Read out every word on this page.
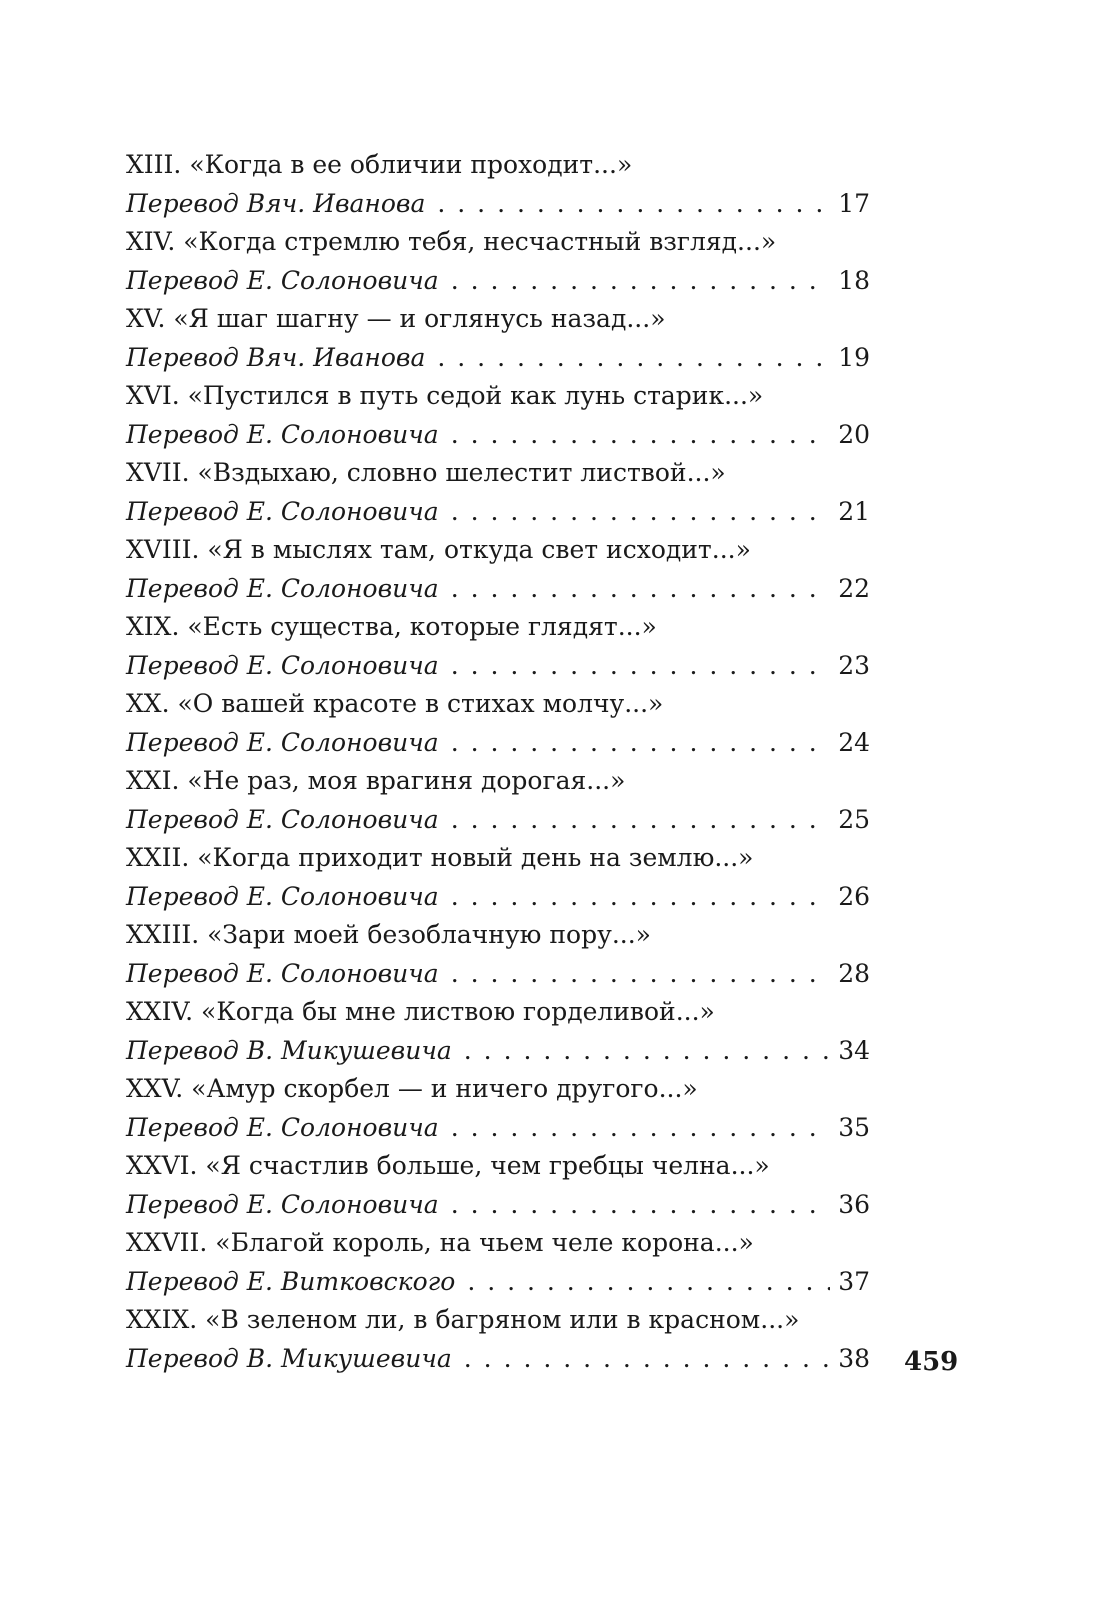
XIII. «Когда в ее обличии проходит...»
Перевод Вяч. Иванова . . .	17
XIV. «Когда стремлю тебя, несчастный взгляд...»
Перевод Е. Солоновича . . .	18
XV. «Я шаг шагну — и оглянусь назад...»
Перевод Вяч. Иванова . . .	19
XVI. «Пустился в путь седой как лунь старик...»
Перевод Е. Солоновича . . .	20
XVII. «Вздыхаю, словно шелестит листвой...»
Перевод Е. Солоновича . . .	21
XVIII. «Я в мыслях там, откуда свет исходит...»
Перевод Е. Солоновича . . .	22
XIX. «Есть существа, которые глядят...»
Перевод Е. Солоновича . . .	23
XX. «О вашей красоте в стихах молчу...»
Перевод Е. Солоновича . . .	24
XXI. «Не раз, моя врагиня дорогая...»
Перевод Е. Солоновича . . .	25
XXII. «Когда приходит новый день на землю...»
Перевод Е. Солоновича . . .	26
XXIII. «Зари моей безоблачную пору...»
Перевод Е. Солоновича . . .	28
XXIV. «Когда бы мне листвою горделивой...»
Перевод В. Микушевича . . .	34
XXV. «Амур скорбел — и ничего другого...»
Перевод Е. Солоновича . . .	35
XXVI. «Я счастлив больше, чем гребцы челна...»
Перевод Е. Солоновича . . .	36
XXVII. «Благой король, на чьем челе корона...»
Перевод Е. Витковского . . .	37
XXIX. «В зеленом ли, в багряном или в красном...»
Перевод В. Микушевича . . .	38 459
